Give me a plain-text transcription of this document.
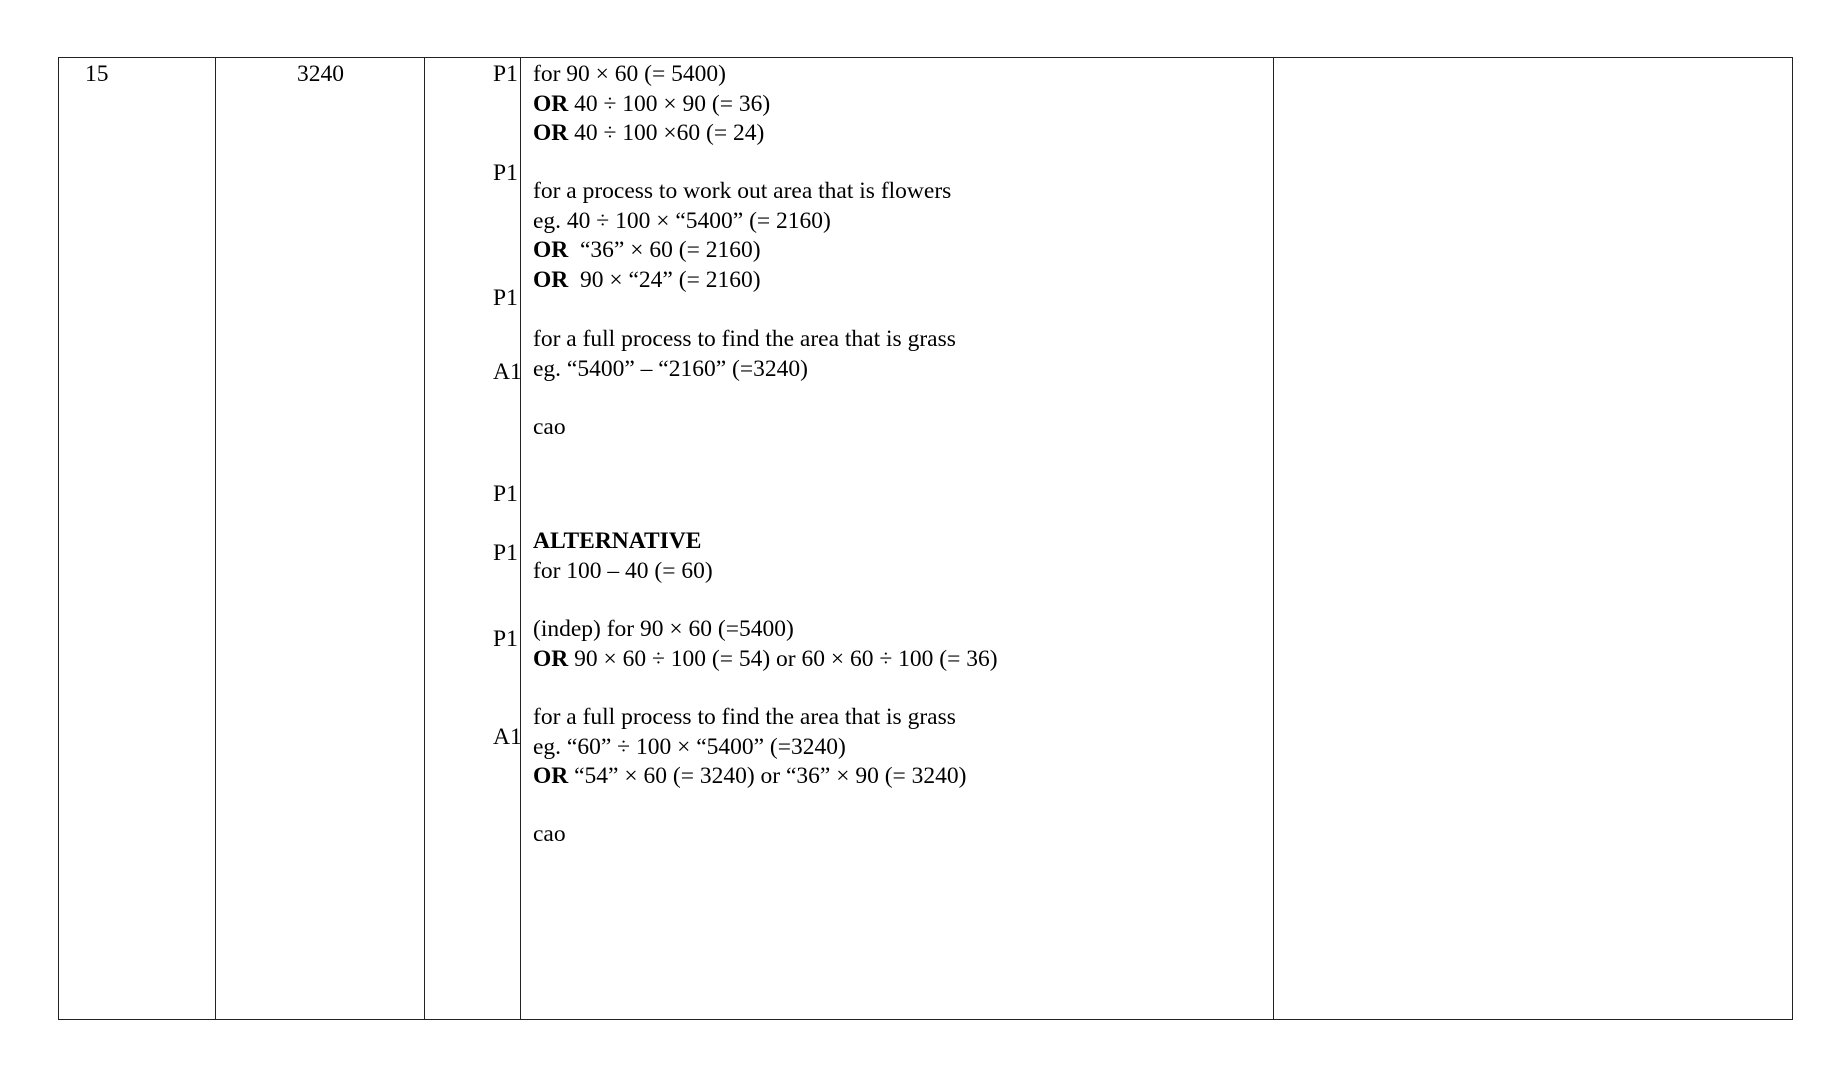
15	3240	P1
P1
P1
A1
P1
P1
P1
A1
for 90 × 60 (= 5400)
OR 40 ÷ 100 × 90 (= 36)
OR 40 ÷ 100 ×60 (= 24)
for a process to work out area that is flowers
eg. 40 ÷ 100 × “5400” (= 2160)
OR  “36” × 60 (= 2160)
OR  90 × “24” (= 2160)
for a full process to find the area that is grass
eg. “5400” – “2160” (=3240)
cao
ALTERNATIVE
for 100 – 40 (= 60)
(indep) for 90 × 60 (=5400)
OR 90 × 60 ÷ 100 (= 54) or 60 × 60 ÷ 100 (= 36)
for a full process to find the area that is grass
eg. “60” ÷ 100 × “5400” (=3240)
OR “54” × 60 (= 3240) or “36” × 90 (= 3240)
cao
